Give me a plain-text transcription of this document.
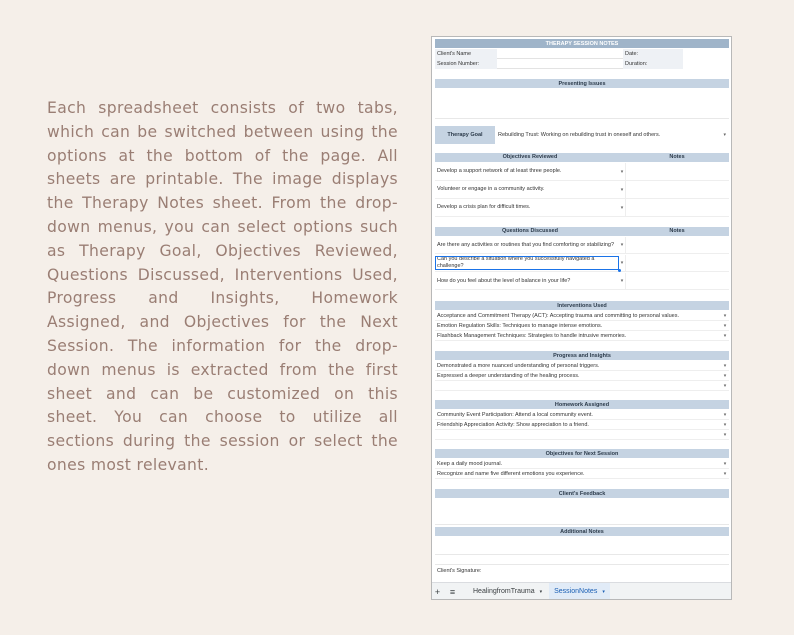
Each spreadsheet consists of two tabs, which can be switched between using the options at the bottom of the page. All sheets are printable. The image displays the Therapy Notes sheet. From the drop-down menus, you can select options such as Therapy Goal, Objectives Reviewed, Questions Discussed, Interventions Used, Progress and Insights, Homework Assigned, and Objectives for the Next Session. The information for the drop-down menus is extracted from the first sheet and can be customized on this sheet. You can choose to utilize all sections during the session or select the ones most relevant.
THERAPY SESSION NOTES
Client's Name	Date:
Session Number:	Duration:
Presenting Issues
Therapy Goal	Rebuilding Trust: Working on rebuilding trust in oneself and others.	▾
Objectives Reviewed	Notes
Develop a support network of at least three people.	▾
Volunteer or engage in a community activity.	▾
Develop a crisis plan for difficult times.	▾
Questions Discussed	Notes
Are there any activities or routines that you find comforting or stabilizing?	▾
Can you describe a situation where you successfully navigated a challenge?	▾
How do you feel about the level of balance in your life?	▾
Interventions Used
Acceptance and Commitment Therapy (ACT): Accepting trauma and committing to personal values.	▾
Emotion Regulation Skills: Techniques to manage intense emotions.	▾
Flashback Management Techniques: Strategies to handle intrusive memories.	▾
Progress and Insights
Demonstrated a more nuanced understanding of personal triggers.	▾
Expressed a deeper understanding of the healing process.	▾
▾
Homework Assigned
Community Event Participation: Attend a local community event.	▾
Friendship Appreciation Activity: Show appreciation to a friend.	▾
▾
Objectives for Next Session
Keep a daily mood journal.	▾
Recognize and name five different emotions you experience.	▾
Client's Feedback
Additional Notes
Client's Signature:
+	≡	HealingfromTrauma ▾ SessionNotes ▾
